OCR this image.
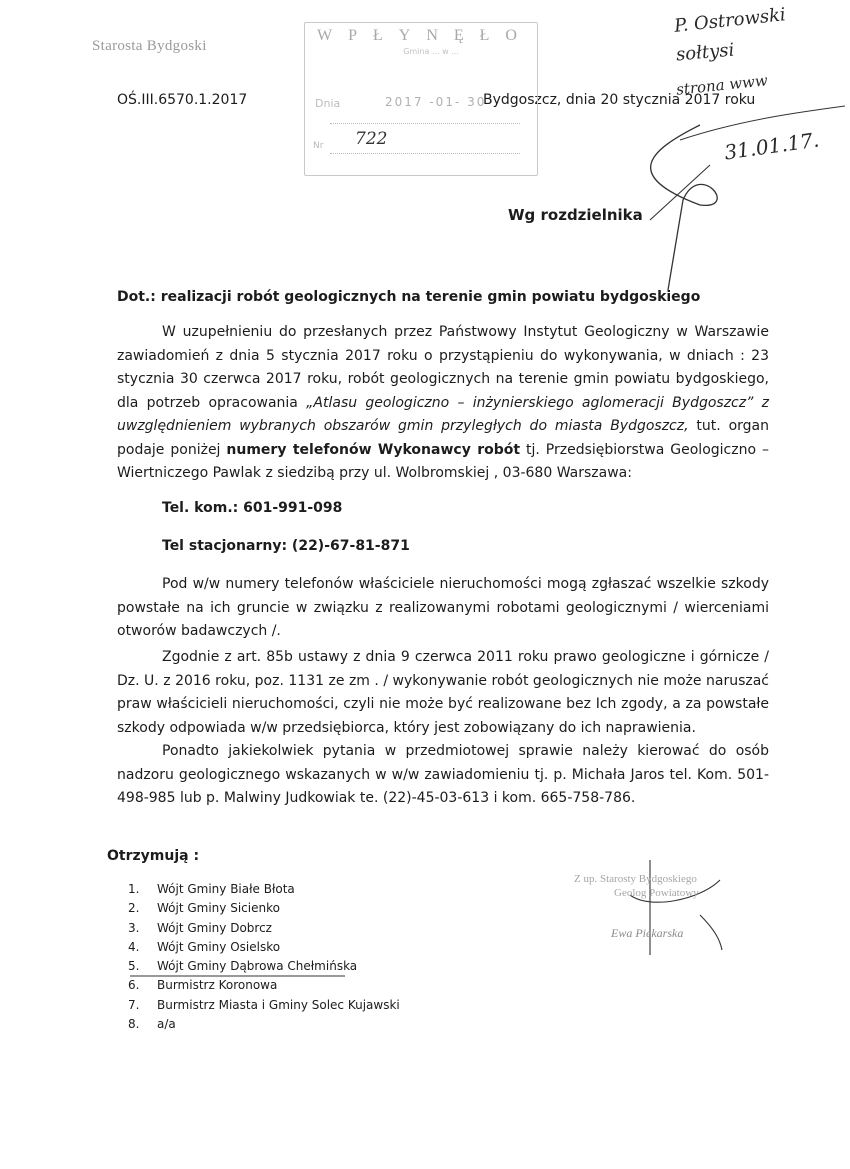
Starosta Bydgoski
OŚ.III.6570.1.2017	Bydgoszcz, dnia 20 stycznia 2017 roku
WPŁYNĘŁO
Gmina ... w ...
Dnia	2017 -01- 30
Nr 722
P. Ostrowski
sołtysi
strona www
31.01.17.
Wg rozdzielnika
Dot.: realizacji robót geologicznych na terenie gmin powiatu bydgoskiego
W uzupełnieniu do przesłanych przez Państwowy Instytut Geologiczny w Warszawie zawiadomień z dnia 5 stycznia 2017 roku o przystąpieniu do wykonywania, w dniach : 23 stycznia 30 czerwca 2017 roku, robót geologicznych na terenie gmin powiatu bydgoskiego, dla potrzeb opracowania „Atlasu geologiczno – inżynierskiego aglomeracji Bydgoszcz” z uwzględnieniem wybranych obszarów gmin przyległych do miasta Bydgoszcz, tut. organ podaje poniżej numery telefonów Wykonawcy robót tj. Przedsiębiorstwa Geologiczno – Wiertniczego Pawlak z siedzibą przy ul. Wolbromskiej , 03-680 Warszawa:
Tel. kom.: 601-991-098
Tel stacjonarny: (22)-67-81-871
Pod w/w numery telefonów właściciele nieruchomości mogą zgłaszać wszelkie szkody powstałe na ich gruncie w związku z realizowanymi robotami geologicznymi / wierceniami otworów badawczych /.
Zgodnie z art. 85b ustawy z dnia 9 czerwca 2011 roku prawo geologiczne i górnicze / Dz. U. z 2016 roku, poz. 1131 ze zm . / wykonywanie robót geologicznych nie może naruszać praw właścicieli nieruchomości, czyli nie może być realizowane bez Ich zgody, a za powstałe szkody odpowiada w/w przedsiębiorca, który jest zobowiązany do ich naprawienia.
Ponadto jakiekolwiek pytania w przedmiotowej sprawie należy kierować do osób nadzoru geologicznego wskazanych w w/w zawiadomieniu tj. p. Michała Jaros tel. Kom. 501-498-985 lub p. Malwiny Judkowiak te. (22)-45-03-613 i kom. 665-758-786.
Otrzymują :
1. Wójt Gminy Białe Błota
2. Wójt Gminy Sicienko
3. Wójt Gminy Dobrcz
4. Wójt Gminy Osielsko
5. Wójt Gminy Dąbrowa Chełmińska
6. Burmistrz Koronowa
7. Burmistrz Miasta i Gminy Solec Kujawski
8. a/a
Z up. Starosty Bydgoskiego
Geolog Powiatowy
Ewa Piekarska
